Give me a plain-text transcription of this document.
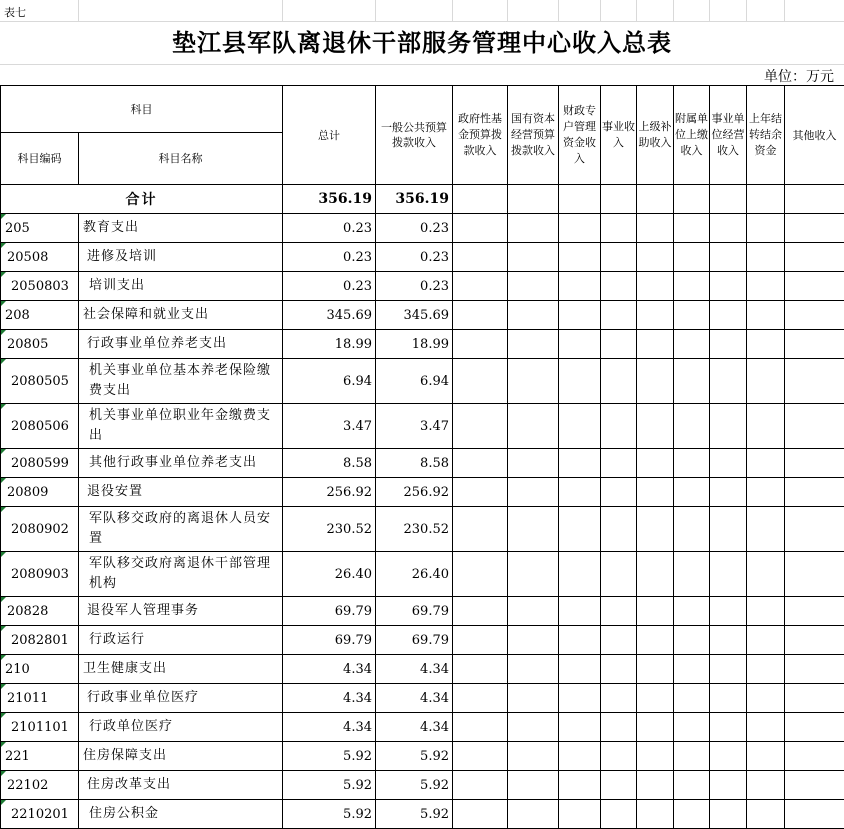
表七
垫江县军队离退休干部服务管理中心收入总表
单位：万元
科目		总计	一般公共预算拨款收入	政府性基金预算拨款收入	国有资本经营预算拨款收入	财政专户管理资金收入	事业收入	上级补助收入	附属单位上缴收入	事业单位经营收入	上年结转结余资金	其他收入
科目编码	科目名称											
合计		356.19	356.19									
205	教育支出	0.23	0.23									
20508	进修及培训	0.23	0.23									
2050803	培训支出	0.23	0.23									
208	社会保障和就业支出	345.69	345.69									
20805	行政事业单位养老支出	18.99	18.99									
2080505	机关事业单位基本养老保险缴费支出	6.94	6.94									
2080506	机关事业单位职业年金缴费支出	3.47	3.47									
2080599	其他行政事业单位养老支出	8.58	8.58									
20809	退役安置	256.92	256.92									
2080902	军队移交政府的离退休人员安置	230.52	230.52									
2080903	军队移交政府离退休干部管理机构	26.40	26.40									
20828	退役军人管理事务	69.79	69.79									
2082801	行政运行	69.79	69.79									
210	卫生健康支出	4.34	4.34									
21011	行政事业单位医疗	4.34	4.34									
2101101	行政单位医疗	4.34	4.34									
221	住房保障支出	5.92	5.92									
22102	住房改革支出	5.92	5.92									
2210201	住房公积金	5.92	5.92									
